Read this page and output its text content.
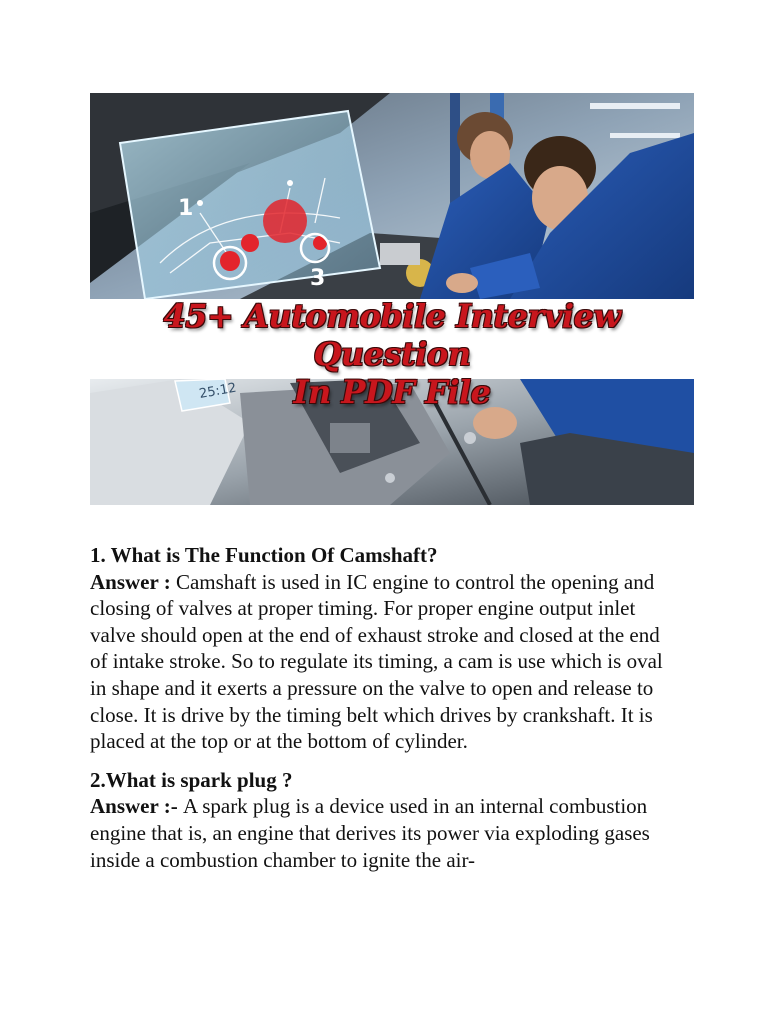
1
3
25:12
45+ Automobile Interview Question
In PDF File
1. What is The Function Of Camshaft?
Answer : Camshaft is used in IC engine to control the opening and closing of valves at proper timing. For proper engine output inlet valve should open at the end of exhaust stroke and closed at the end of intake stroke. So to regulate its timing, a cam is use which is oval in shape and it exerts a pressure on the valve to open and release to close. It is drive by the timing belt which drives by crankshaft. It is placed at the top or at the bottom of cylinder.
2.What is spark plug ?
Answer :- A spark plug is a device used in an internal combustion engine that is, an engine that derives its power via exploding gases inside a combustion chamber to ignite the air-
